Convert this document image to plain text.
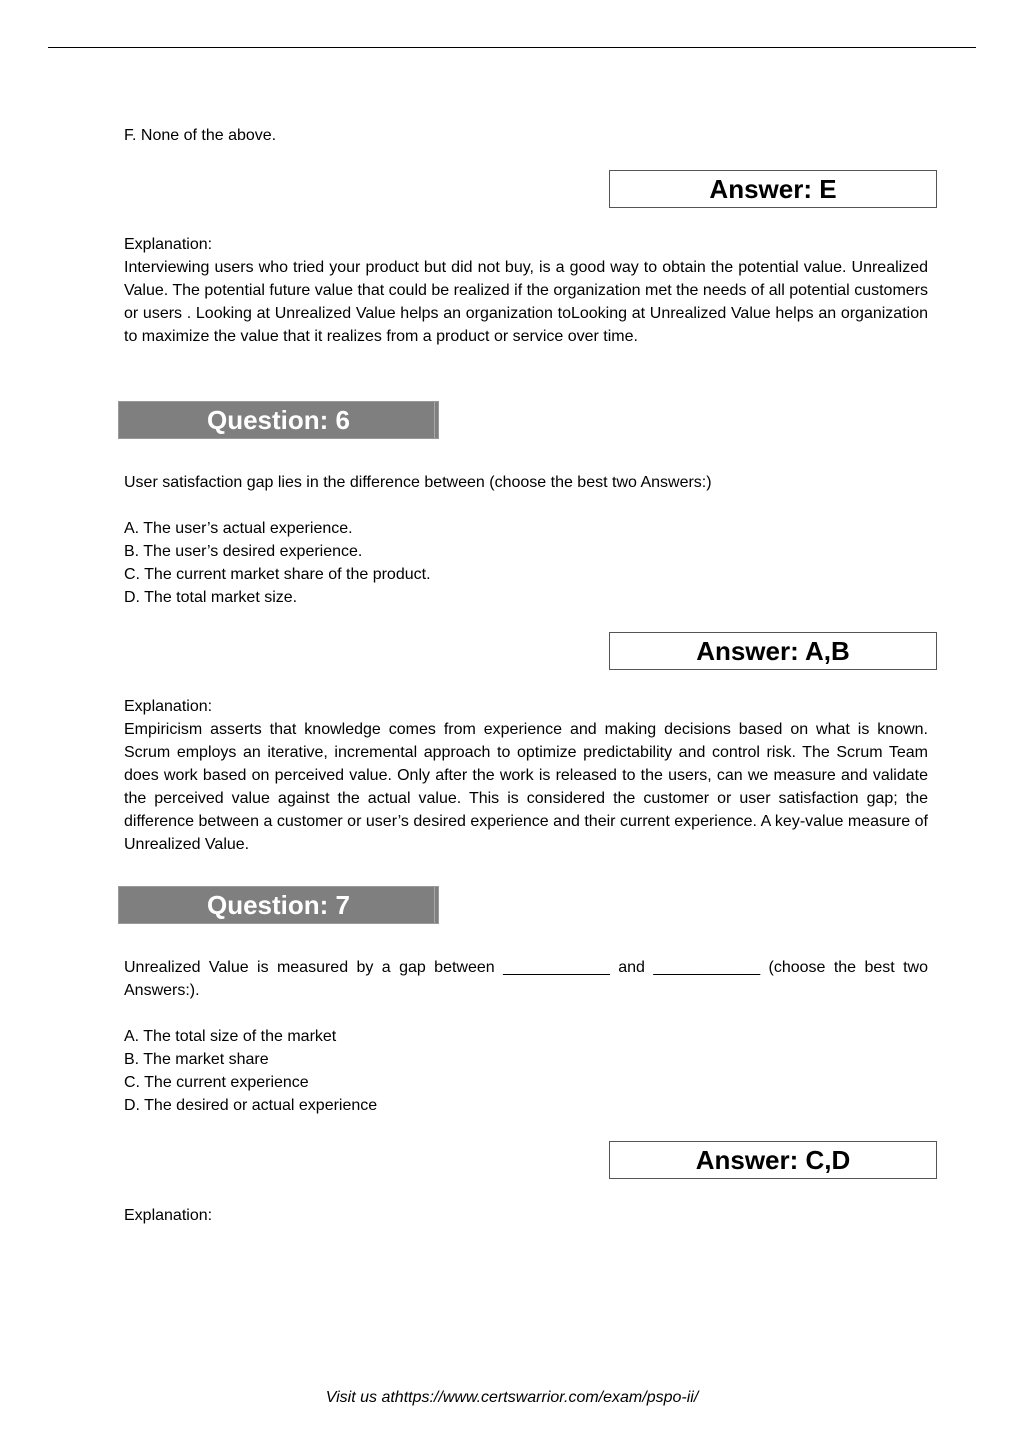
F. None of the above.
Answer: E
Explanation:
Interviewing users who tried your product but did not buy, is a good way to obtain the potential value. Unrealized Value. The potential future value that could be realized if the organization met the needs of all potential customers or users . Looking at Unrealized Value helps an organization toLooking at Unrealized Value helps an organization to maximize the value that it realizes from a product or service over time.
Question: 6
User satisfaction gap lies in the difference between (choose the best two Answers:)
A. The user’s actual experience.
B. The user’s desired experience.
C. The current market share of the product.
D. The total market size.
Answer: A,B
Explanation:
Empiricism asserts that knowledge comes from experience and making decisions based on what is known. Scrum employs an iterative, incremental approach to optimize predictability and control risk. The Scrum Team does work based on perceived value. Only after the work is released to the users, can we measure and validate the perceived value against the actual value. This is considered the customer or user satisfaction gap; the difference between a customer or user’s desired experience and their current experience. A key-value measure of Unrealized Value.
Question: 7
Unrealized Value is measured by a gap between ____________ and ____________ (choose the best two Answers:).
A. The total size of the market
B. The market share
C. The current experience
D. The desired or actual experience
Answer: C,D
Explanation:
Visit us athttps://www.certswarrior.com/exam/pspo-ii/
